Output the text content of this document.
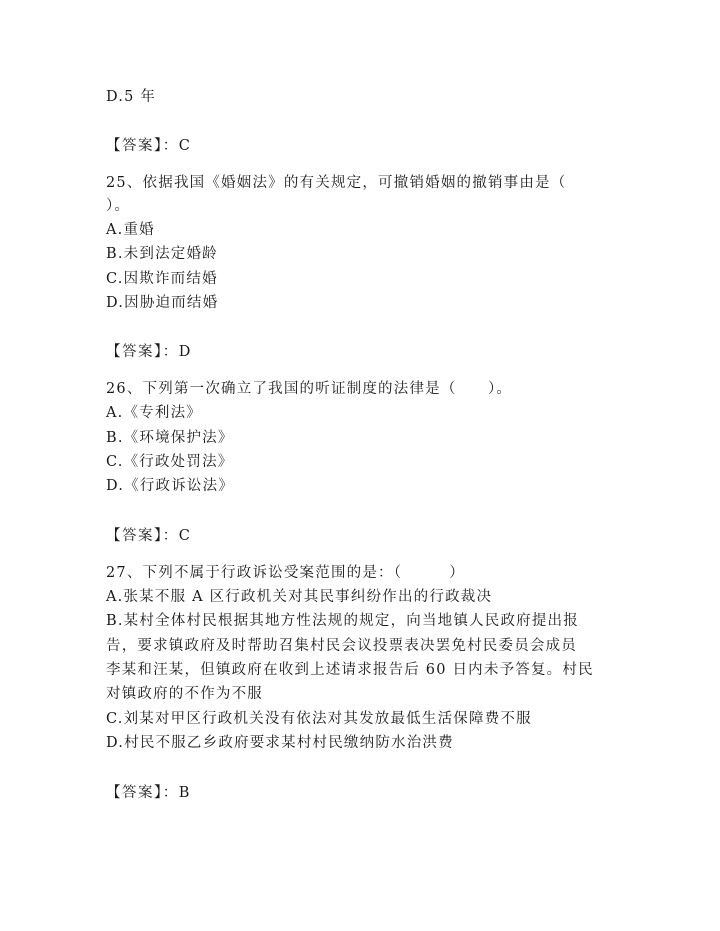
D.5 年
【答案】：C
25、依据我国《婚姻法》的有关规定，可撤销婚姻的撤销事由是（
）。
A.重婚
B.未到法定婚龄
C.因欺诈而结婚
D.因胁迫而结婚
【答案】：D
26、下列第一次确立了我国的听证制度的法律是（　　）。
A.《专利法》
B.《环境保护法》
C.《行政处罚法》
D.《行政诉讼法》
【答案】：C
27、下列不属于行政诉讼受案范围的是：（　　　）
A.张某不服 A 区行政机关对其民事纠纷作出的行政裁决
B.某村全体村民根据其地方性法规的规定，向当地镇人民政府提出报
告，要求镇政府及时帮助召集村民会议投票表决罢免村民委员会成员
李某和汪某，但镇政府在收到上述请求报告后 60 日内未予答复。村民
对镇政府的不作为不服
C.刘某对甲区行政机关没有依法对其发放最低生活保障费不服
D.村民不服乙乡政府要求某村村民缴纳防水治洪费
【答案】：B
